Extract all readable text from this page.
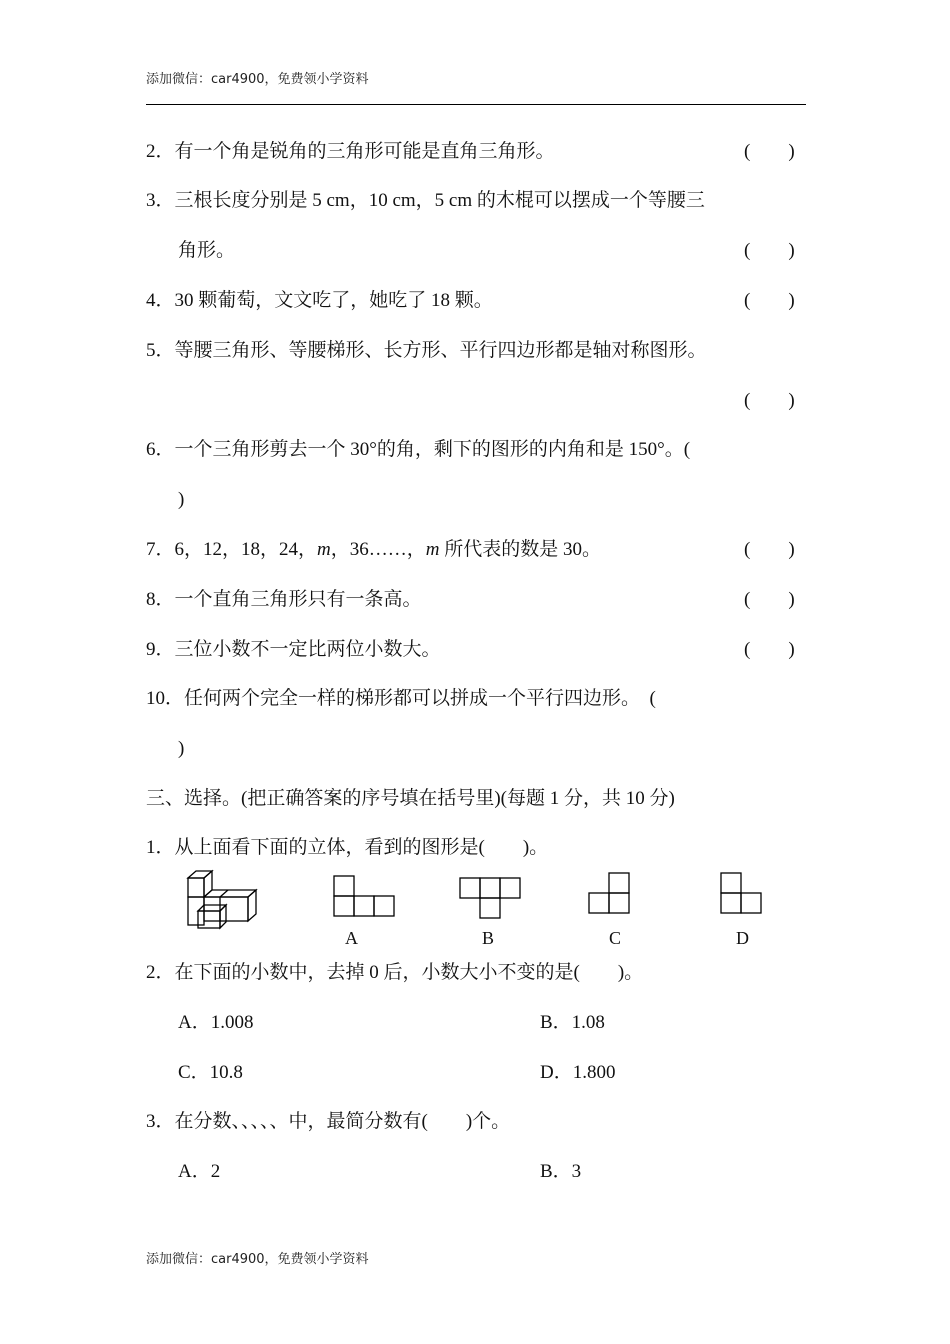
添加微信：car4900，免费领小学资料
2．有一个角是锐角的三角形可能是直角三角形。	(　　)
3．三根长度分别是 5 cm，10 cm，5 cm 的木棍可以摆成一个等腰三
角形。	(　　)
4．30 颗葡萄，文文吃了，她吃了 18 颗。	(　　)
5．等腰三角形、等腰梯形、长方形、平行四边形都是轴对称图形。
(　　)
6．一个三角形剪去一个 30°的角，剩下的图形的内角和是 150°。(
)
7．6，12，18，24，m，36……，m 所代表的数是 30。	(　　)
8．一个直角三角形只有一条高。	(　　)
9．三位小数不一定比两位小数大。	(　　)
10．任何两个完全一样的梯形都可以拼成一个平行四边形。　(
)
三、选择。(把正确答案的序号填在括号里)(每题 1 分，共 10 分)
1．从上面看下面的立体，看到的图形是(　　)。
A	B	C	D
2．在下面的小数中，去掉 0 后，小数大小不变的是(　　)。
A．1.008	B．1.08
C．10.8	D．1.800
3．在分数、、、、、中，最简分数有(　　)个。
A．2	B．3
添加微信：car4900，免费领小学资料
